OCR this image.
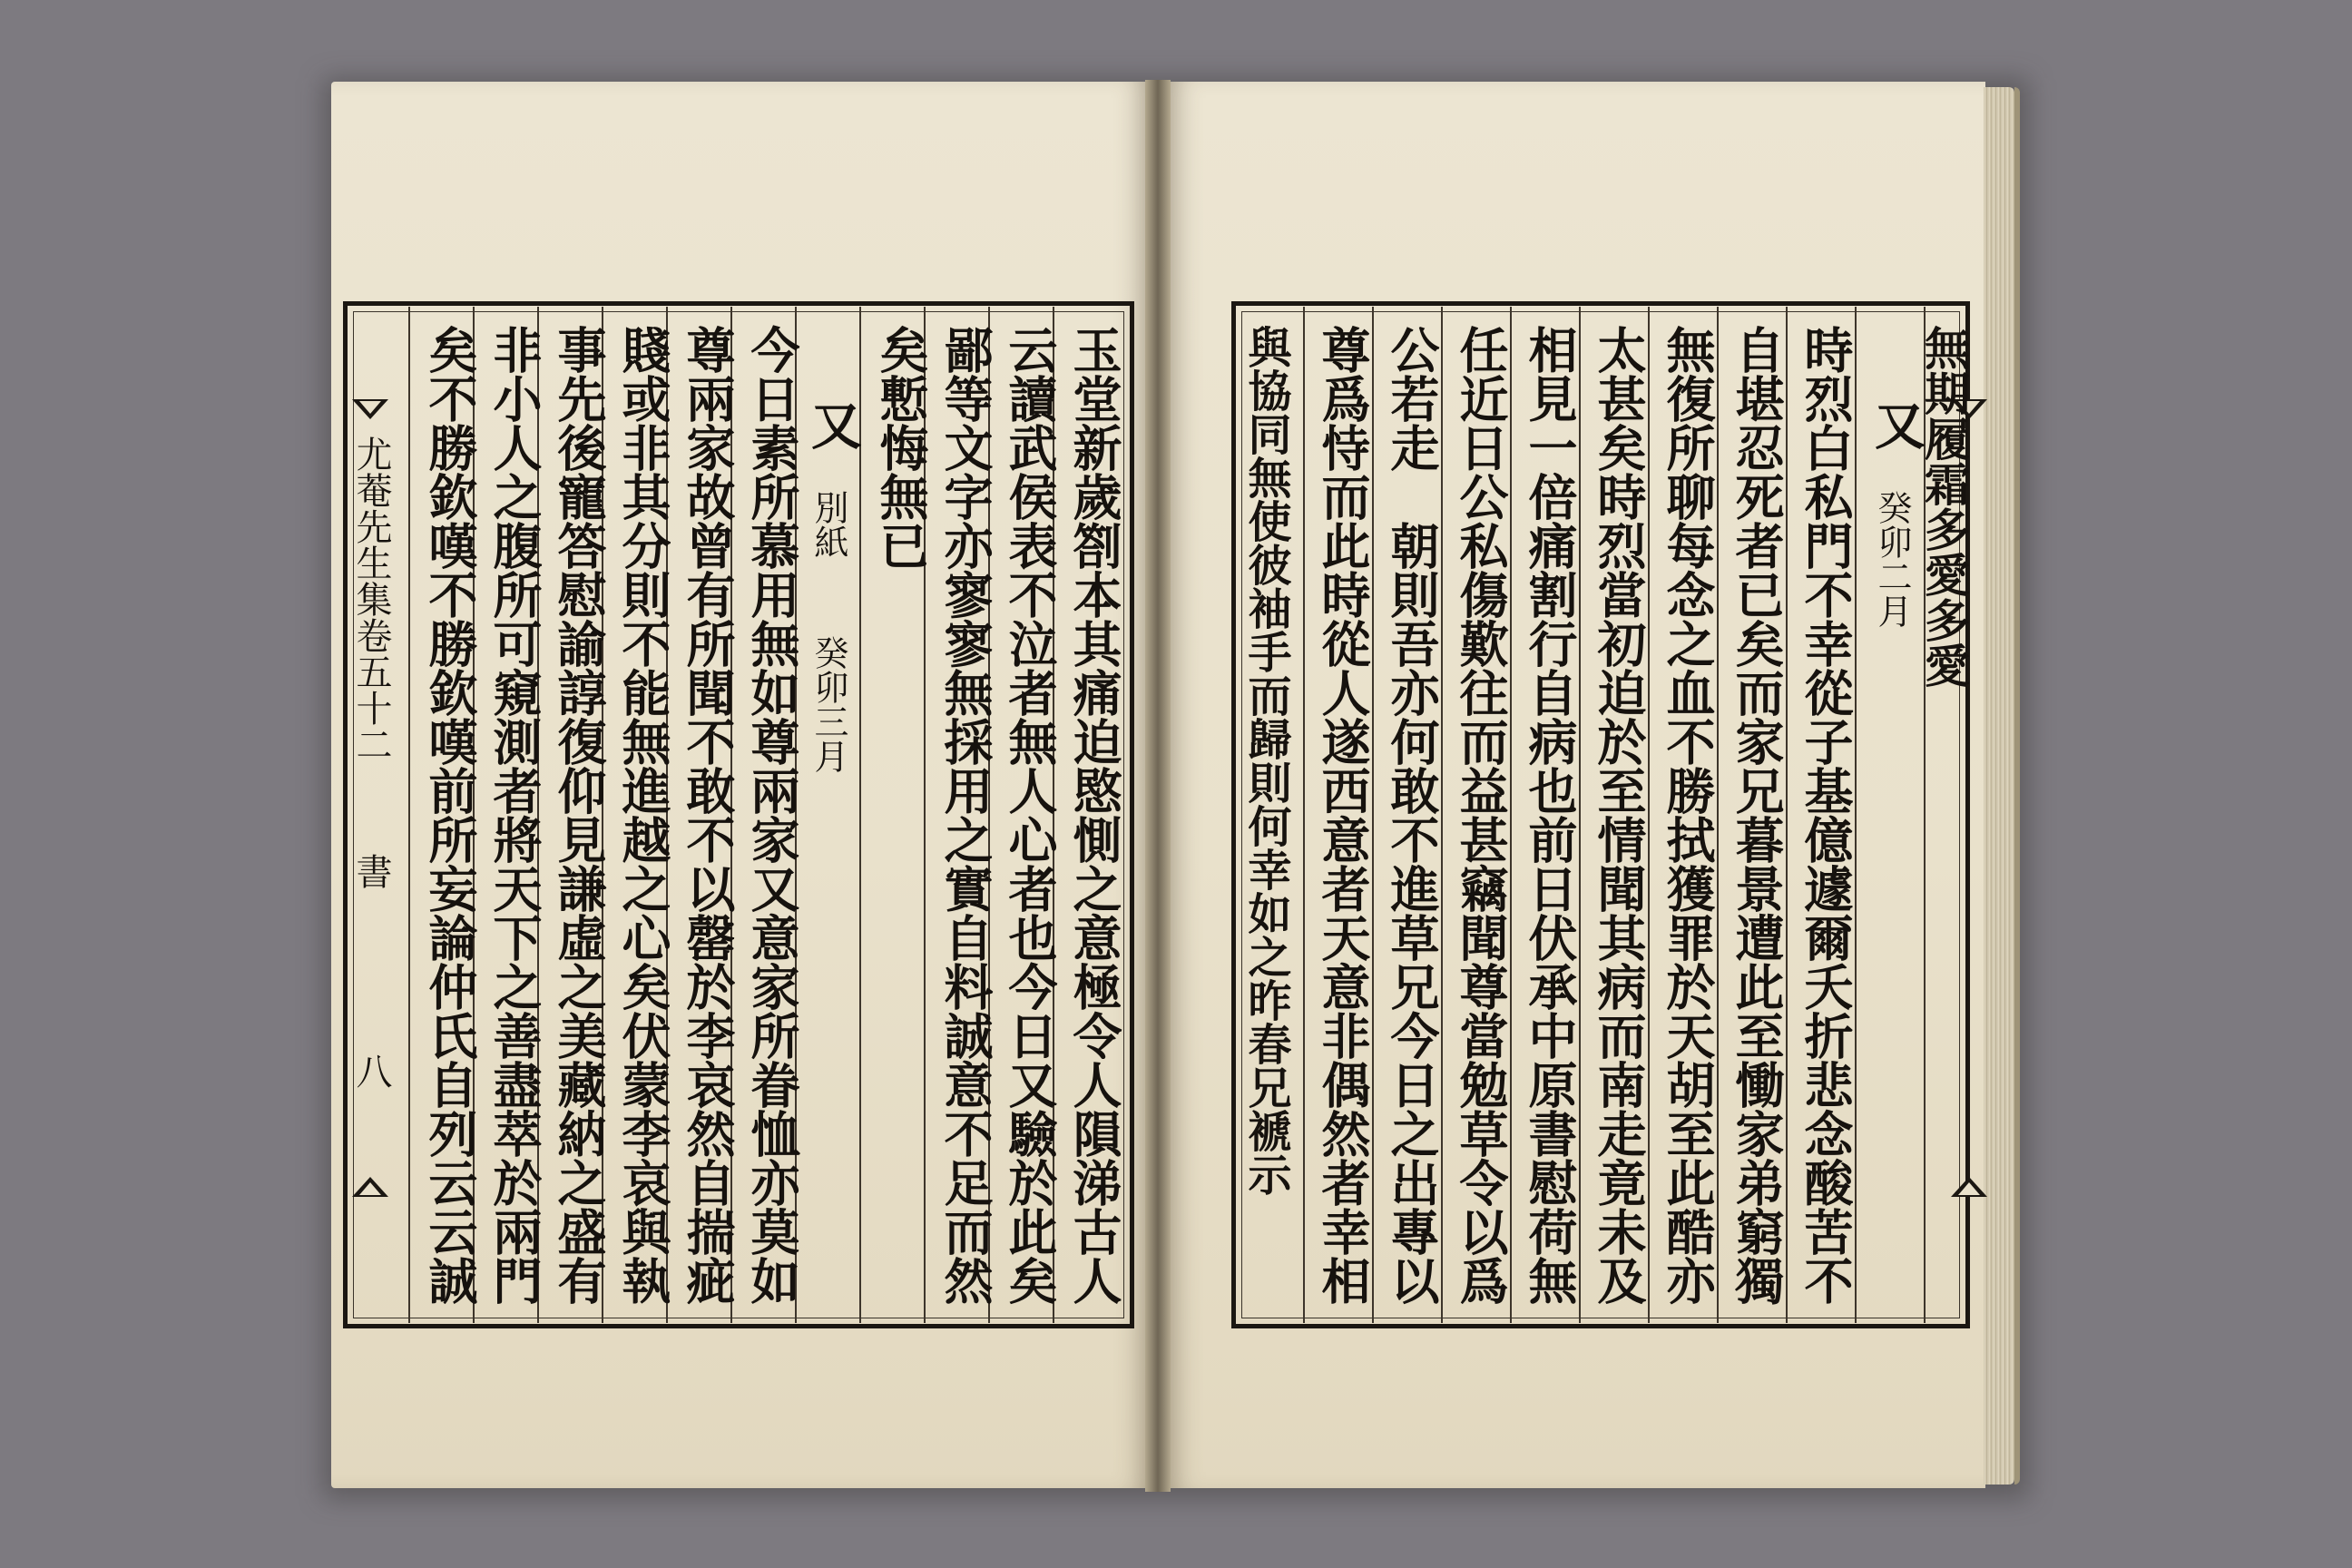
尤菴先生集卷五十二
書
八	玉堂新歲劄本其痛迫愍惻之意極令人隕涕古人
云讀武侯表不泣者無人心者也今日又驗於此矣
鄙等文字亦寥寥無採用之實自料誠意不足而然
矣慙悔無已
又
別紙
癸卯三月
今日素所慕用無如尊兩家又意家所眷恤亦莫如
尊兩家故曾有所聞不敢不以罄於李哀然自揣疵
賤或非其分則不能無進越之心矣伏蒙李哀與執
事先後寵答慰諭諄復仰見謙虛之美藏納之盛有
非小人之腹所可窺測者將天下之善盡萃於兩門
矣不勝欽嘆不勝欽嘆前所妄論仲氏自列云云誠	無期履霜多愛多愛
又
癸卯二月
時烈白私門不幸從子基億遽爾夭折悲念酸苦不
自堪忍死者已矣而家兄暮景遭此至慟家弟窮獨
無復所聊每念之血不勝拭獲罪於天胡至此酷亦
太甚矣時烈當初迫於至情聞其病而南走竟未及
相見一倍痛割行自病也前日伏承中原書慰荷無
任近日公私傷歎往而益甚竊聞尊當勉草令以爲
公若走　朝則吾亦何敢不進草兄今日之出專以
尊爲恃而此時從人遂西意者天意非偶然者幸相
與協同無使彼袖手而歸則何幸如之昨春兄褫示
